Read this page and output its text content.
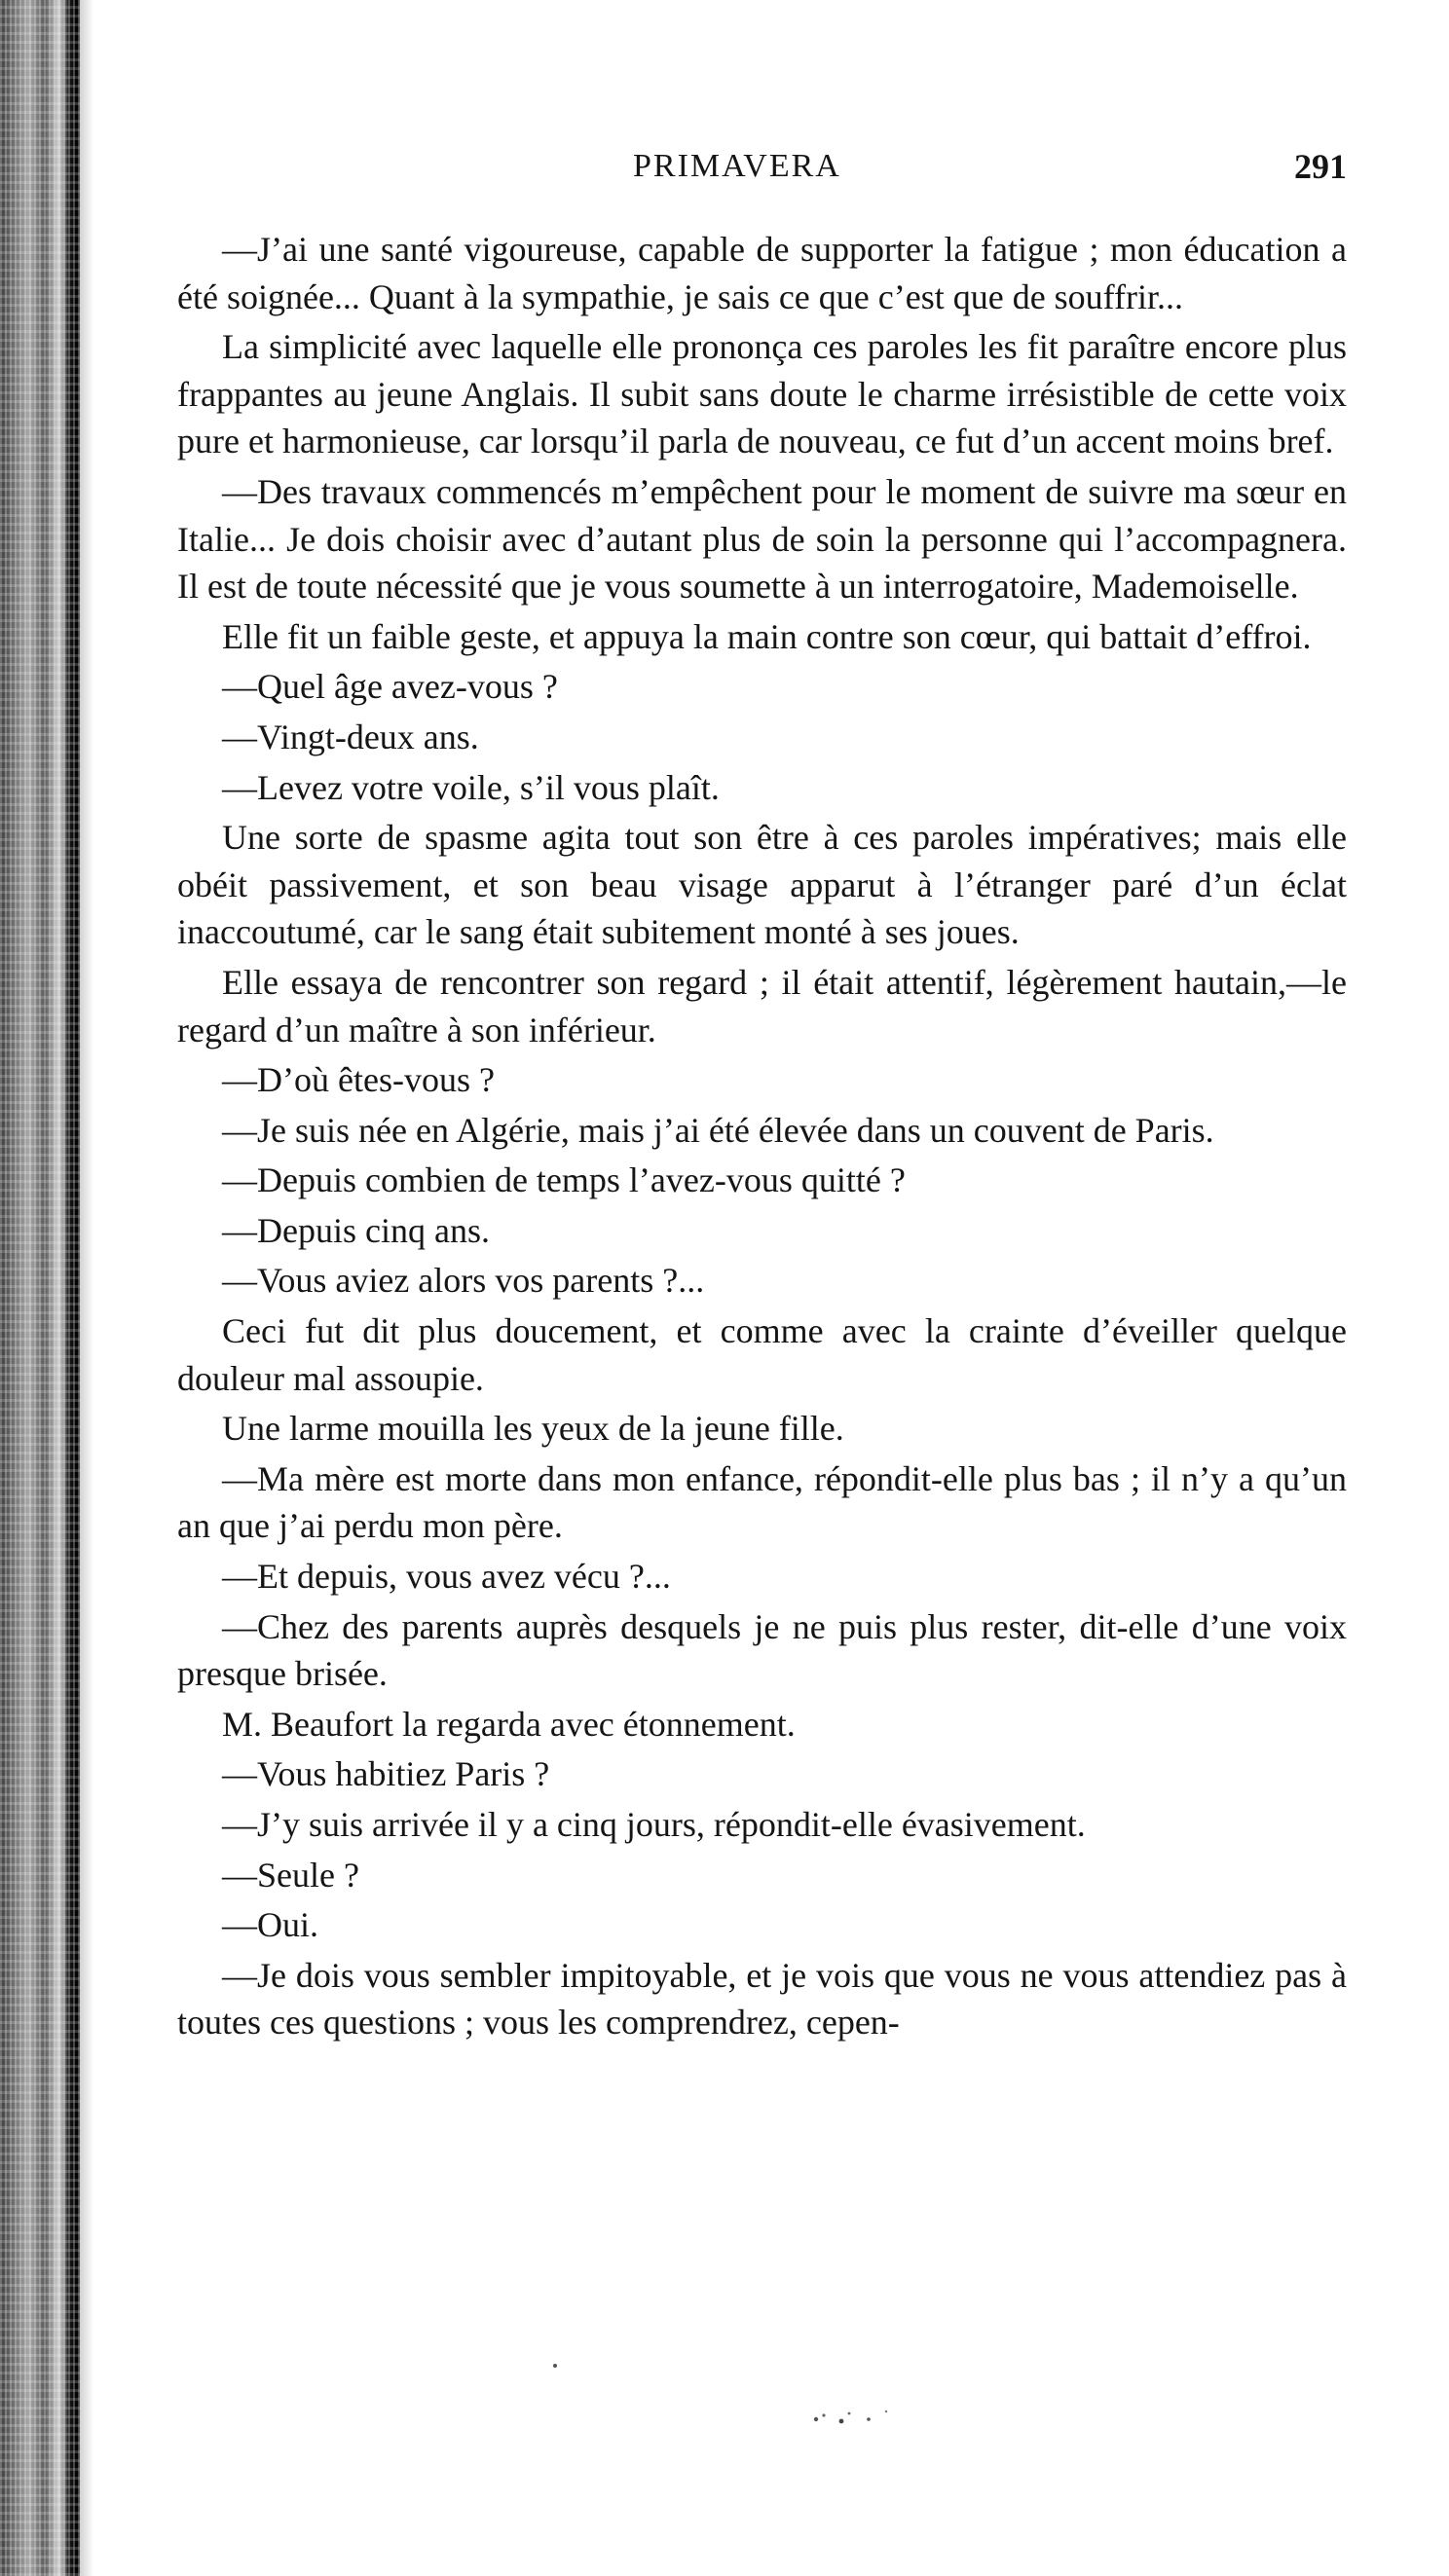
PRIMAVERA	291

—J’ai une santé vigoureuse, capable de supporter la fatigue ; mon éducation a été soignée... Quant à la sympathie, je sais ce que c’est que de souffrir...

La simplicité avec laquelle elle prononça ces paroles les fit paraître encore plus frappantes au jeune Anglais. Il subit sans doute le charme irrésistible de cette voix pure et harmonieuse, car lorsqu’il parla de nouveau, ce fut d’un accent moins bref.

—Des travaux commencés m’empêchent pour le moment de suivre ma sœur en Italie... Je dois choisir avec d’autant plus de soin la personne qui l’accompagnera. Il est de toute nécessité que je vous soumette à un interrogatoire, Mademoiselle.

Elle fit un faible geste, et appuya la main contre son cœur, qui battait d’effroi.

—Quel âge avez-vous ?

—Vingt-deux ans.

—Levez votre voile, s’il vous plaît.

Une sorte de spasme agita tout son être à ces paroles impératives; mais elle obéit passivement, et son beau visage apparut à l’étranger paré d’un éclat inaccoutumé, car le sang était subitement monté à ses joues.

Elle essaya de rencontrer son regard ; il était attentif, légèrement hautain,—le regard d’un maître à son inférieur.

—D’où êtes-vous ?

—Je suis née en Algérie, mais j’ai été élevée dans un couvent de Paris.

—Depuis combien de temps l’avez-vous quitté ?

—Depuis cinq ans.

—Vous aviez alors vos parents ?...

Ceci fut dit plus doucement, et comme avec la crainte d’éveiller quelque douleur mal assoupie.

Une larme mouilla les yeux de la jeune fille.

—Ma mère est morte dans mon enfance, répondit-elle plus bas ; il n’y a qu’un an que j’ai perdu mon père.

—Et depuis, vous avez vécu ?...

—Chez des parents auprès desquels je ne puis plus rester, dit-elle d’une voix presque brisée.

M. Beaufort la regarda avec étonnement.

—Vous habitiez Paris ?

—J’y suis arrivée il y a cinq jours, répondit-elle évasivement.

—Seule ?

—Oui.

—Je dois vous sembler impitoyable, et je vois que vous ne vous attendiez pas à toutes ces questions ; vous les comprendrez, cepen-
